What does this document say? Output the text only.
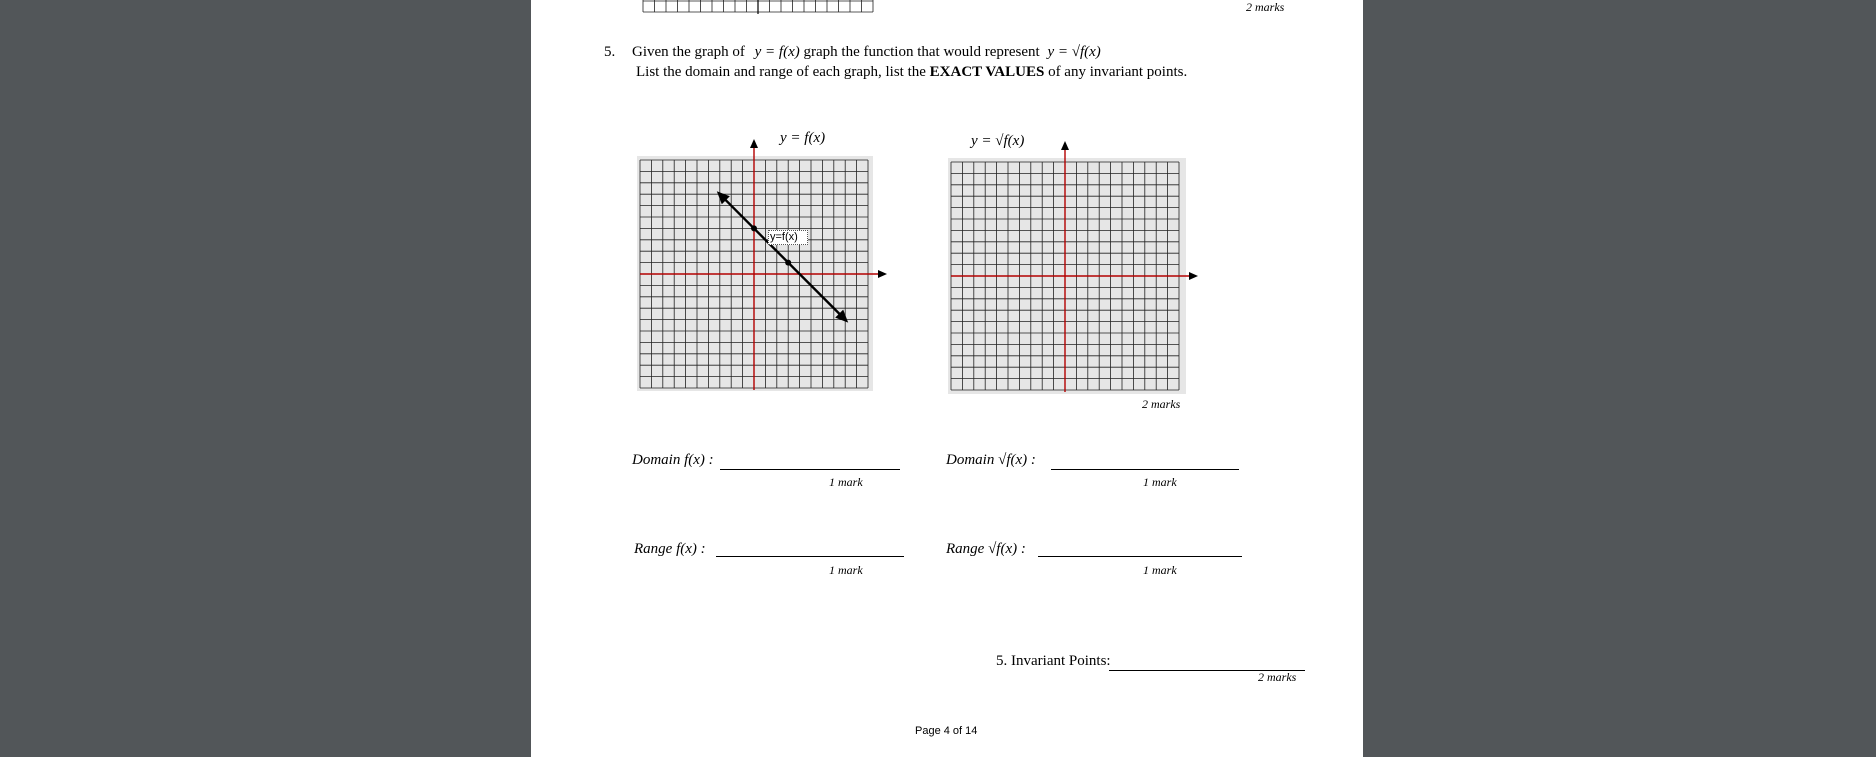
2 marks
5. Given the graph of y = f(x) graph the function that would represent y = √f(x)
List the domain and range of each graph, list the EXACT VALUES of any invariant points.
y = f(x)	y = √f(x)
y=f(x)
2 marks
Domain f(x) :
1 mark
Domain √f(x) :
1 mark
Range f(x) :
1 mark
Range √f(x) :
1 mark
5. Invariant Points:
2 marks
Page 4 of 14
